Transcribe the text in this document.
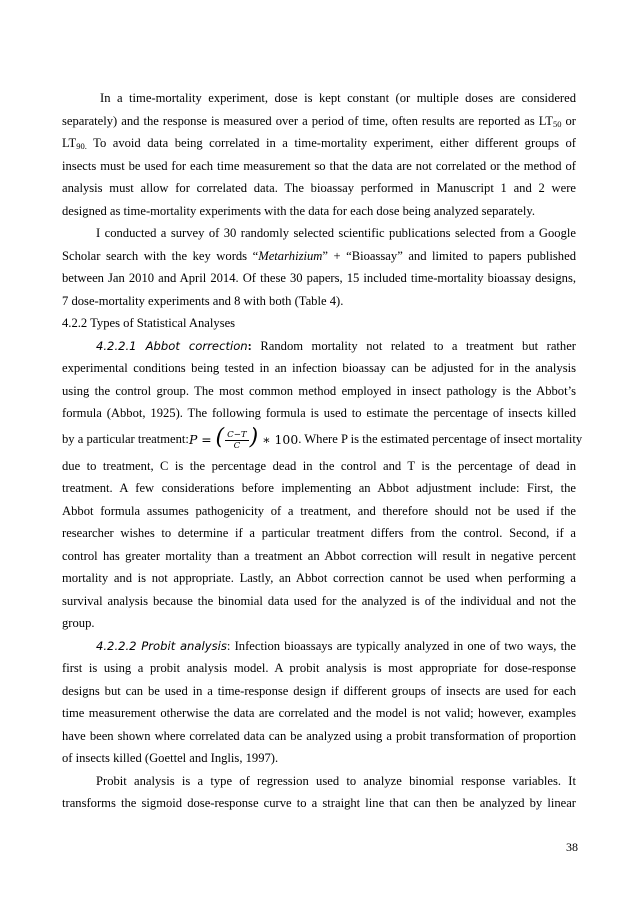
In a time-mortality experiment, dose is kept constant (or multiple doses are considered
separately) and the response is measured over a period of time, often results are reported as $LT_{50}$ or
$LT_{90.}$ To avoid data being correlated in a time-mortality experiment, either different groups of
insects must be used for each time measurement so that the data are not correlated or the method of
analysis must allow for correlated data. The bioassay performed in Manuscript 1 and 2 were
designed as time-mortality experiments with the data for each dose being analyzed separately.

I conducted a survey of 30 randomly selected scientific publications selected from a Google
Scholar search with the key words “Metarhizium” + “Bioassay” and limited to papers published
between Jan 2010 and April 2014. Of these 30 papers, 15 included time-mortality bioassay designs,
7 dose-mortality experiments and 8 with both (Table 4).

4.2.2 Types of Statistical Analyses

4.2.2.1 Abbot correction: Random mortality not related to a treatment but rather
experimental conditions being tested in an infection bioassay can be adjusted for in the analysis
using the control group. The most common method employed in insect pathology is the Abbot’s
formula (Abbot, 1925). The following formula is used to estimate the percentage of insects killed
by a particular treatment: P = ( $\frac{C-T}{C}$ ) ∗ 100 . Where P is the estimated percentage of insect mortality
due to treatment, C is the percentage dead in the control and T is the percentage of dead in
treatment. A few considerations before implementing an Abbot adjustment include: First, the
Abbot formula assumes pathogenicity of a treatment, and therefore should not be used if the
researcher wishes to determine if a particular treatment differs from the control. Second, if a
control has greater mortality than a treatment an Abbot correction will result in negative percent
mortality and is not appropriate. Lastly, an Abbot correction cannot be used when performing a
survival analysis because the binomial data used for the analyzed is of the individual and not the
group.

4.2.2.2 Probit analysis: Infection bioassays are typically analyzed in one of two ways, the
first is using a probit analysis model. A probit analysis is most appropriate for dose-response
designs but can be used in a time-response design if different groups of insects are used for each
time measurement otherwise the data are correlated and the model is not valid; however, examples
have been shown where correlated data can be analyzed using a probit transformation of proportion
of insects killed (Goettel and Inglis, 1997).

Probit analysis is a type of regression used to analyze binomial response variables. It
transforms the sigmoid dose-response curve to a straight line that can then be analyzed by linear

38
